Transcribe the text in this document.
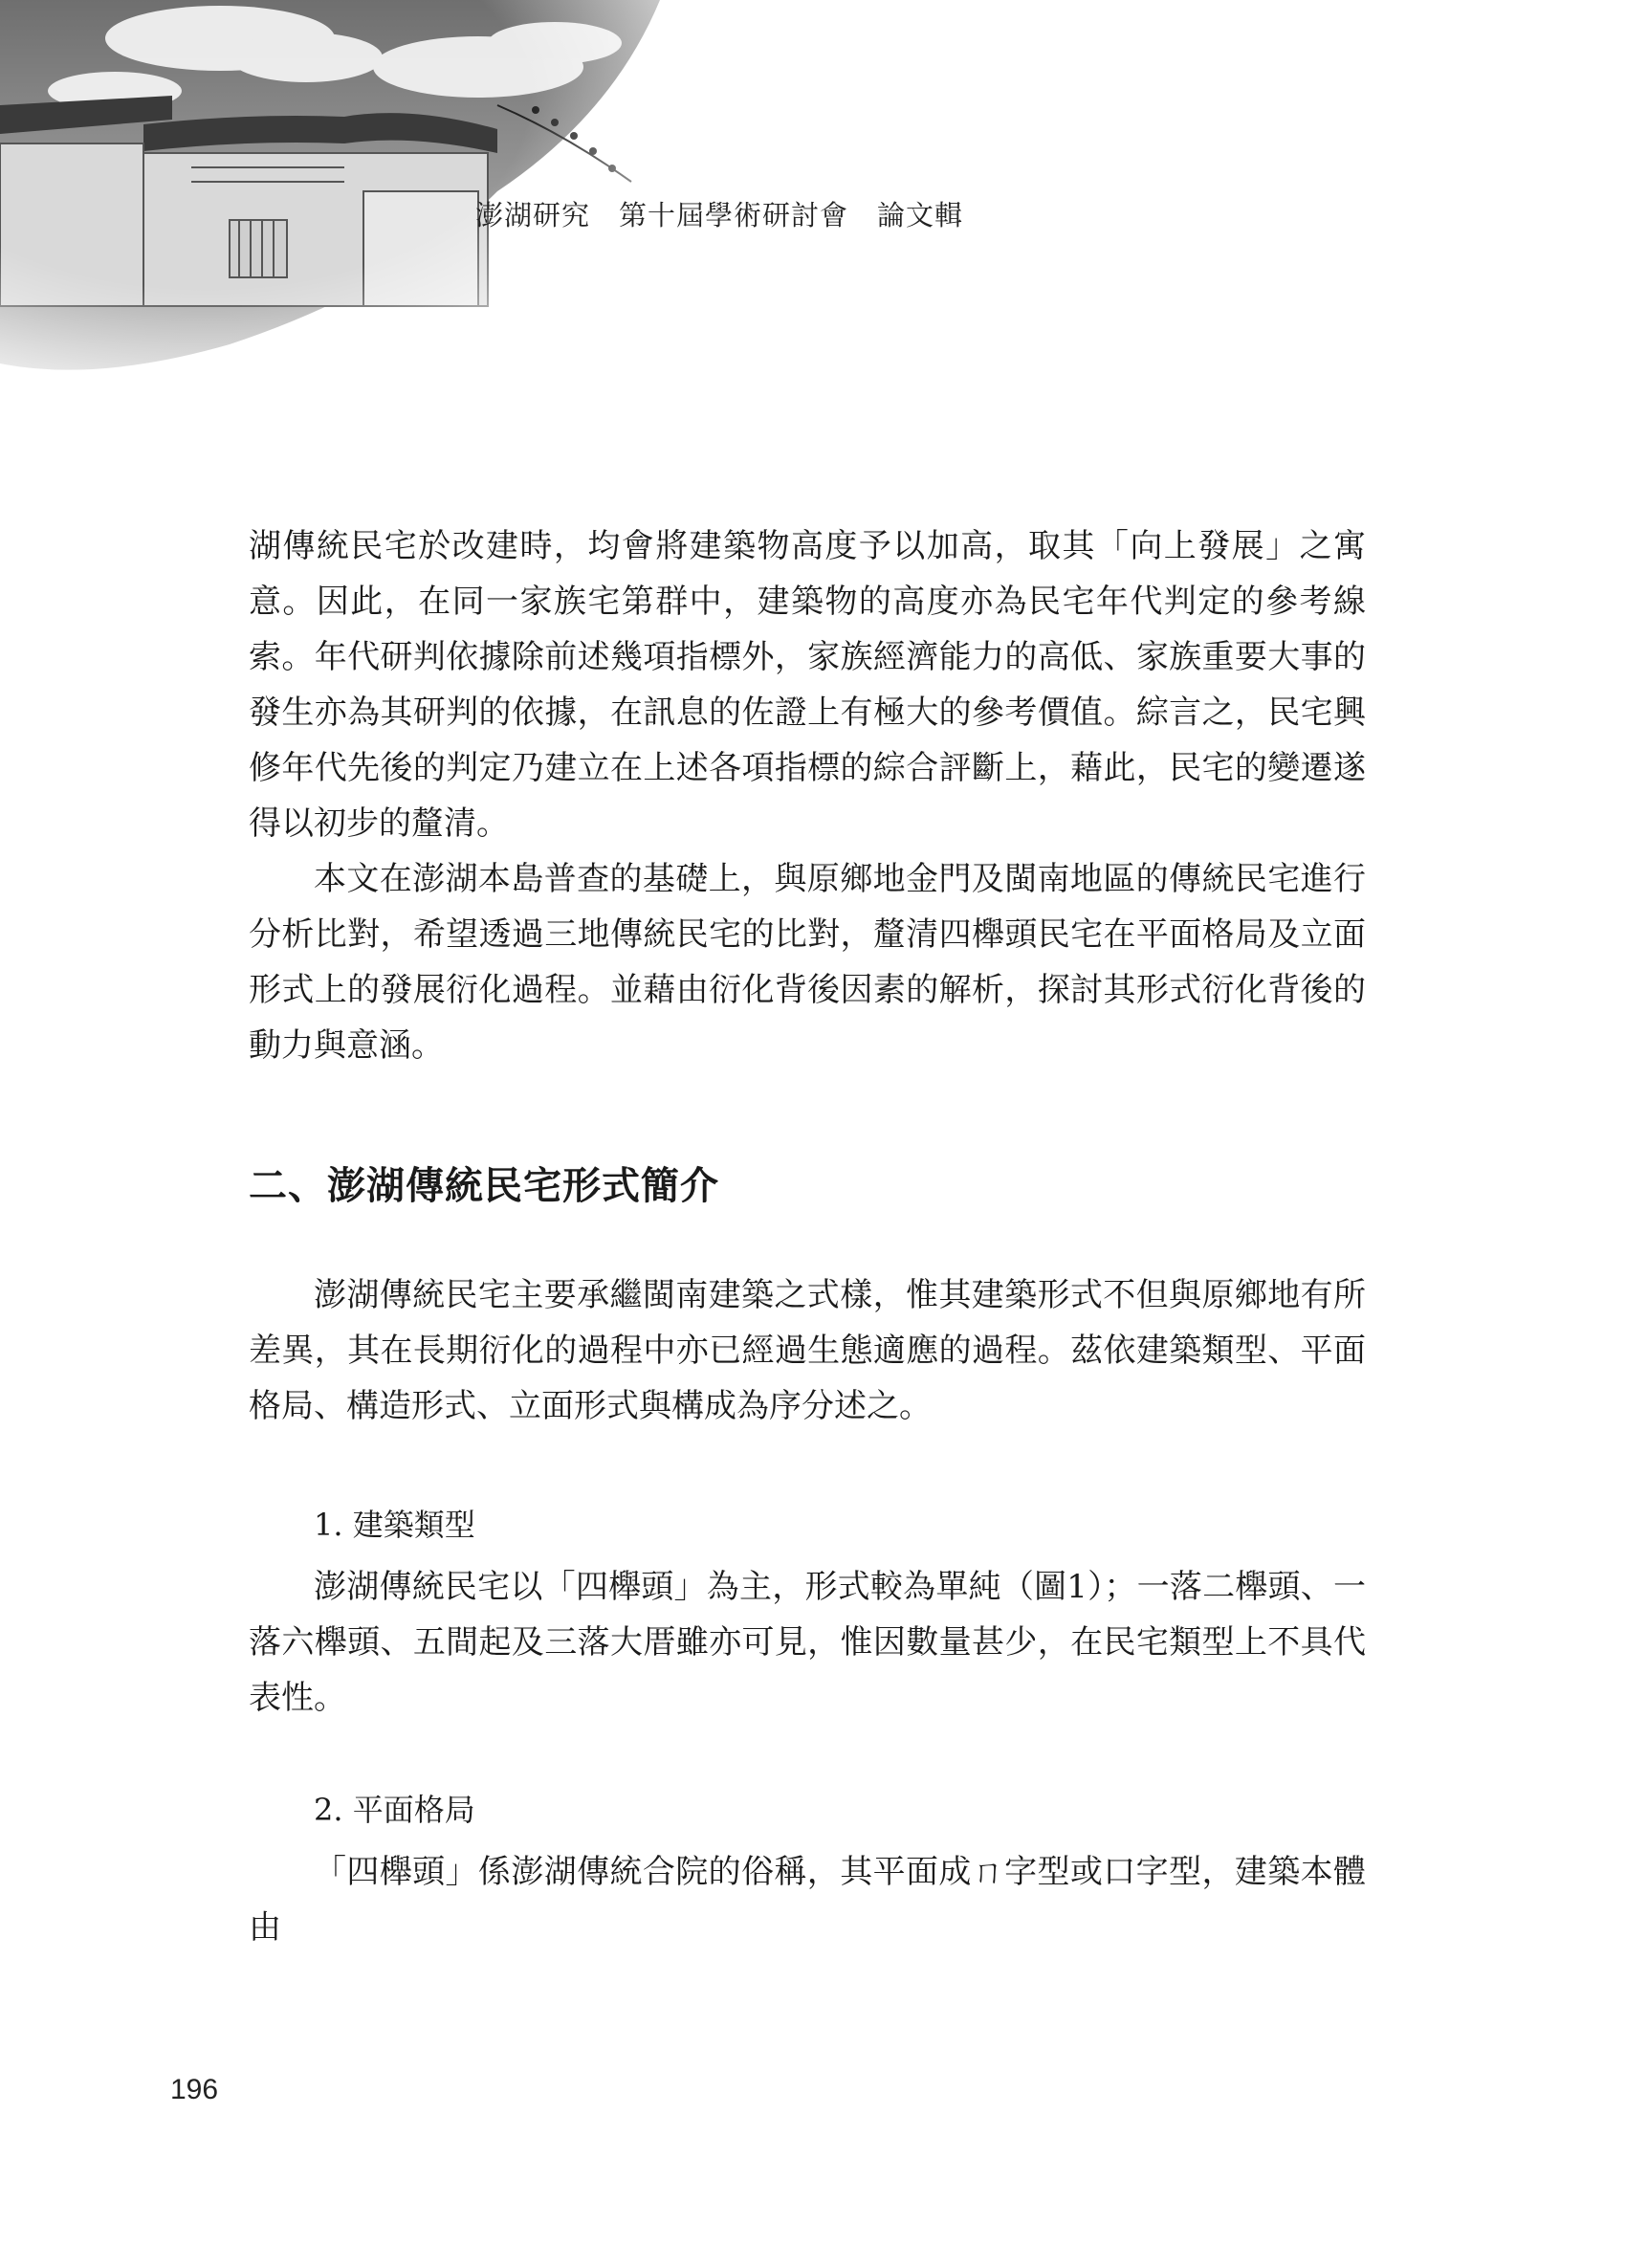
澎湖研究　第十屆學術研討會　論文輯

湖傳統民宅於改建時，均會將建築物高度予以加高，取其「向上發展」之寓意。因此，在同一家族宅第群中，建築物的高度亦為民宅年代判定的參考線索。年代研判依據除前述幾項指標外，家族經濟能力的高低、家族重要大事的發生亦為其研判的依據，在訊息的佐證上有極大的參考價值。綜言之，民宅興修年代先後的判定乃建立在上述各項指標的綜合評斷上，藉此，民宅的變遷遂得以初步的釐清。

本文在澎湖本島普查的基礎上，與原鄉地金門及閩南地區的傳統民宅進行分析比對，希望透過三地傳統民宅的比對，釐清四櫸頭民宅在平面格局及立面形式上的發展衍化過程。並藉由衍化背後因素的解析，探討其形式衍化背後的動力與意涵。

二、澎湖傳統民宅形式簡介

澎湖傳統民宅主要承繼閩南建築之式樣，惟其建築形式不但與原鄉地有所差異，其在長期衍化的過程中亦已經過生態適應的過程。茲依建築類型、平面格局、構造形式、立面形式與構成為序分述之。

1. 建築類型

澎湖傳統民宅以「四櫸頭」為主，形式較為單純（圖1）；一落二櫸頭、一落六櫸頭、五間起及三落大厝雖亦可見，惟因數量甚少，在民宅類型上不具代表性。

2. 平面格局

「四櫸頭」係澎湖傳統合院的俗稱，其平面成ㄇ字型或口字型，建築本體由

196
